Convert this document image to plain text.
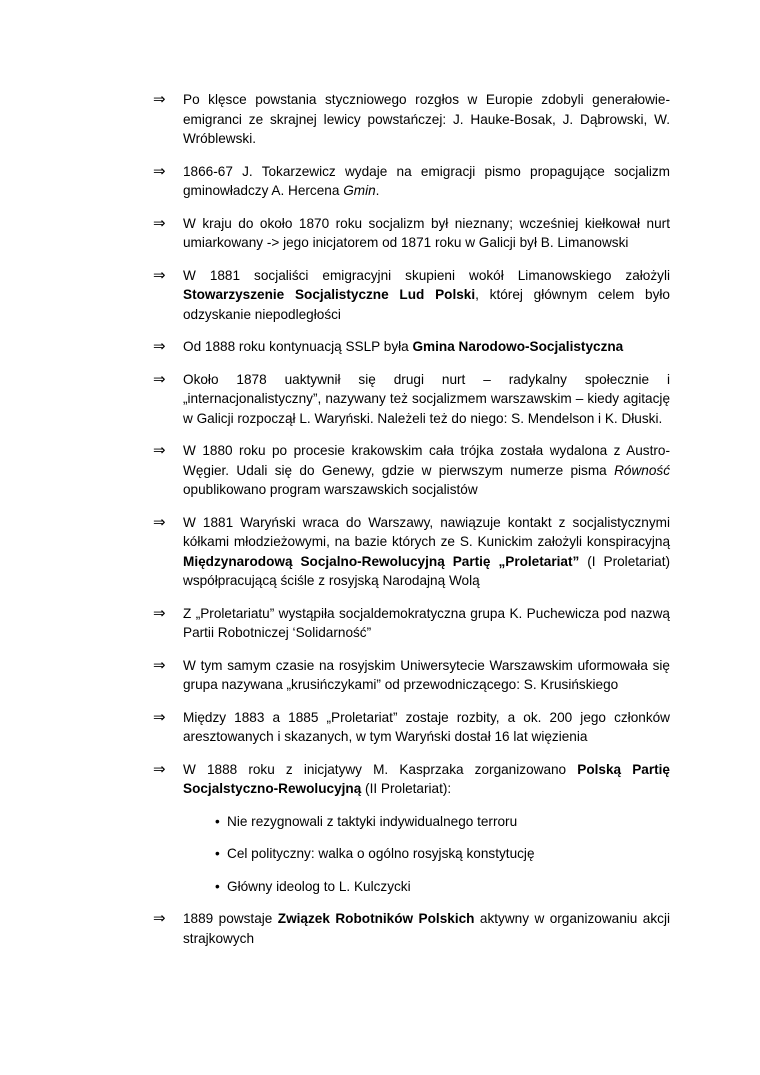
⇒	Po klęsce powstania styczniowego rozgłos w Europie zdobyli generałowie-emigranci ze skrajnej lewicy powstańczej: J. Hauke-Bosak, J. Dąbrowski, W. Wróblewski.
⇒	1866-67 J. Tokarzewicz wydaje na emigracji pismo propagujące socjalizm gminowładczy A. Hercena Gmin.
⇒	W kraju do około 1870 roku socjalizm był nieznany; wcześniej kiełkował nurt umiarkowany -> jego inicjatorem od 1871 roku w Galicji był B. Limanowski
⇒	W 1881 socjaliści emigracyjni skupieni wokół Limanowskiego założyli Stowarzyszenie Socjalistyczne Lud Polski, której głównym celem było odzyskanie niepodległości
⇒	Od 1888 roku kontynuacją SSLP była Gmina Narodowo-Socjalistyczna
⇒	Około 1878 uaktywnił się drugi nurt – radykalny społecznie i „internacjonalistyczny”, nazywany też socjalizmem warszawskim – kiedy agitację w Galicji rozpoczął L. Waryński. Należeli też do niego: S. Mendelson i K. Dłuski.
⇒	W 1880 roku po procesie krakowskim cała trójka została wydalona z Austro-Węgier. Udali się do Genewy, gdzie w pierwszym numerze pisma Równość opublikowano program warszawskich socjalistów
⇒	W 1881 Waryński wraca do Warszawy, nawiązuje kontakt z socjalistycznymi kółkami młodzieżowymi, na bazie których ze S. Kunickim założyli konspiracyjną Międzynarodową Socjalno-Rewolucyjną Partię „Proletariat” (I Proletariat) współpracującą ściśle z rosyjską Narodajną Wolą
⇒	Z „Proletariatu” wystąpiła socjaldemokratyczna grupa K. Puchewicza pod nazwą Partii Robotniczej ‘Solidarność”
⇒	W tym samym czasie na rosyjskim Uniwersytecie Warszawskim uformowała się grupa nazywana „krusińczykami” od przewodniczącego: S. Krusińskiego
⇒	Między 1883 a 1885 „Proletariat” zostaje rozbity, a ok. 200 jego członków aresztowanych i skazanych, w tym Waryński dostał 16 lat więzienia
⇒	W 1888 roku z inicjatywy M. Kasprzaka zorganizowano Polską Partię Socjalstyczno-Rewolucyjną (II Proletariat):
• Nie rezygnowali z taktyki indywidualnego terroru
• Cel polityczny: walka o ogólno rosyjską konstytucję
• Główny ideolog to L. Kulczycki
⇒	1889 powstaje Związek Robotników Polskich aktywny w organizowaniu akcji strajkowych
